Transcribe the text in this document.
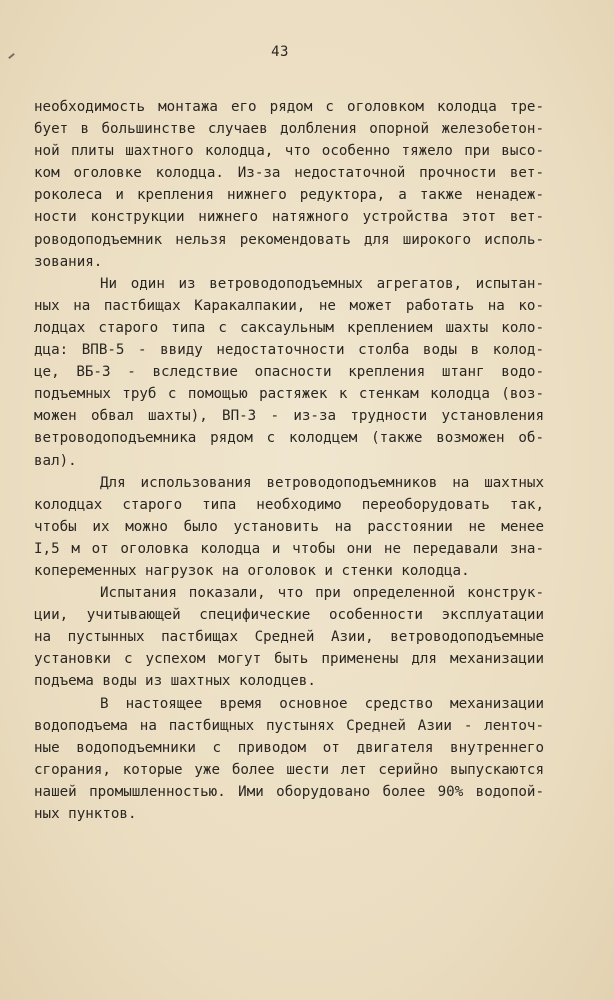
43
необходимость монтажа его рядом с оголовком колодца тре-
бует в большинстве случаев долбления опорной железобетон-
ной плиты шахтного колодца, что особенно тяжело при высо-
ком оголовке колодца. Из-за недостаточной прочности вет-
роколеса и крепления нижнего редуктора, а также ненадеж-
ности конструкции нижнего натяжного устройства этот вет-
роводоподъемник нельзя рекомендовать для широкого исполь-
зования.
Ни один из ветроводоподъемных агрегатов, испытан-
ных на пастбищах Каракалпакии, не может работать на ко-
лодцах старого типа с саксаульным креплением шахты коло-
дца: ВПВ-5 - ввиду недостаточности столба воды в колод-
це, ВБ-3 - вследствие опасности крепления штанг водо-
подъемных труб с помощью растяжек к стенкам колодца (воз-
можен обвал шахты), ВП-3 - из-за трудности установления
ветроводоподъемника рядом с колодцем (также возможен об-
вал).
Для использования ветроводоподъемников на шахтных
колодцах старого типа необходимо переоборудовать так,
чтобы их можно было установить на расстоянии не менее
I,5 м от оголовка колодца и чтобы они не передавали зна-
копеременных нагрузок на оголовок и стенки колодца.
Испытания показали, что при определенной конструк-
ции, учитывающей специфические особенности эксплуатации
на пустынных пастбищах Средней Азии, ветроводоподъемные
установки с успехом могут быть применены для механизации
подъема воды из шахтных колодцев.
В настоящее время основное средство механизации
водоподъема на пастбищных пустынях Средней Азии - ленточ-
ные водоподъемники с приводом от двигателя внутреннего
сгорания, которые уже более шести лет серийно выпускаются
нашей промышленностью. Ими оборудовано более 90% водопой-
ных пунктов.
